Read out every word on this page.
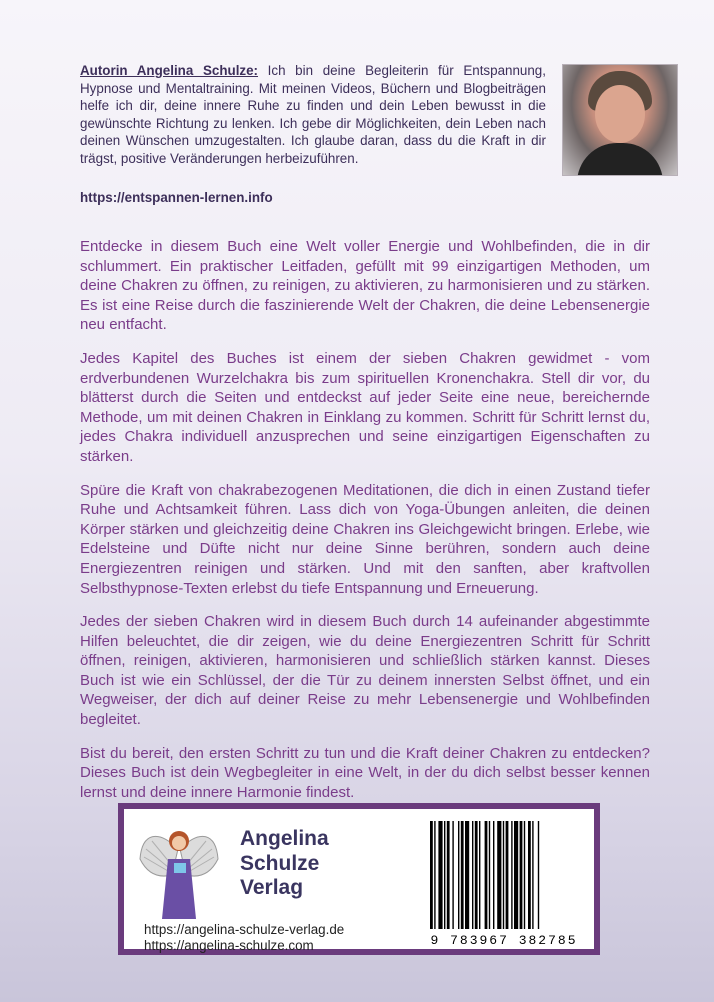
Autorin Angelina Schulze: Ich bin deine Begleiterin für Entspannung, Hypnose und Mentaltraining. Mit meinen Videos, Büchern und Blogbeiträgen helfe ich dir, deine innere Ruhe zu finden und dein Leben bewusst in die gewünschte Richtung zu lenken. Ich gebe dir Möglichkeiten, dein Leben nach deinen Wünschen umzugestalten. Ich glaube daran, dass du die Kraft in dir trägst, positive Veränderungen herbeizuführen.
https://entspannen-lernen.info

Entdecke in diesem Buch eine Welt voller Energie und Wohlbefinden, die in dir schlummert. Ein praktischer Leitfaden, gefüllt mit 99 einzigartigen Methoden, um deine Chakren zu öffnen, zu reinigen, zu aktivieren, zu harmonisieren und zu stärken. Es ist eine Reise durch die faszinierende Welt der Chakren, die deine Lebensenergie neu entfacht.

Jedes Kapitel des Buches ist einem der sieben Chakren gewidmet - vom erdverbundenen Wurzelchakra bis zum spirituellen Kronenchakra. Stell dir vor, du blätterst durch die Seiten und entdeckst auf jeder Seite eine neue, bereichernde Methode, um mit deinen Chakren in Einklang zu kommen. Schritt für Schritt lernst du, jedes Chakra individuell anzusprechen und seine einzigartigen Eigenschaften zu stärken.

Spüre die Kraft von chakrabezogenen Meditationen, die dich in einen Zustand tiefer Ruhe und Achtsamkeit führen. Lass dich von Yoga-Übungen anleiten, die deinen Körper stärken und gleichzeitig deine Chakren ins Gleichgewicht bringen. Erlebe, wie Edelsteine und Düfte nicht nur deine Sinne berühren, sondern auch deine Energiezentren reinigen und stärken. Und mit den sanften, aber kraftvollen Selbsthypnose-Texten erlebst du tiefe Entspannung und Erneuerung.

Jedes der sieben Chakren wird in diesem Buch durch 14 aufeinander abgestimmte Hilfen beleuchtet, die dir zeigen, wie du deine Energiezentren Schritt für Schritt öffnen, reinigen, aktivieren, harmonisieren und schließlich stärken kannst. Dieses Buch ist wie ein Schlüssel, der die Tür zu deinem innersten Selbst öffnet, und ein Wegweiser, der dich auf deiner Reise zu mehr Lebensenergie und Wohlbefinden begleitet.

Bist du bereit, den ersten Schritt zu tun und die Kraft deiner Chakren zu entdecken? Dieses Buch ist dein Wegbegleiter in eine Welt, in der du dich selbst besser kennen lernst und deine innere Harmonie findest.

Angelina
Schulze
Verlag
https://angelina-schulze-verlag.de
https://angelina-schulze.com	9 783967 382785
